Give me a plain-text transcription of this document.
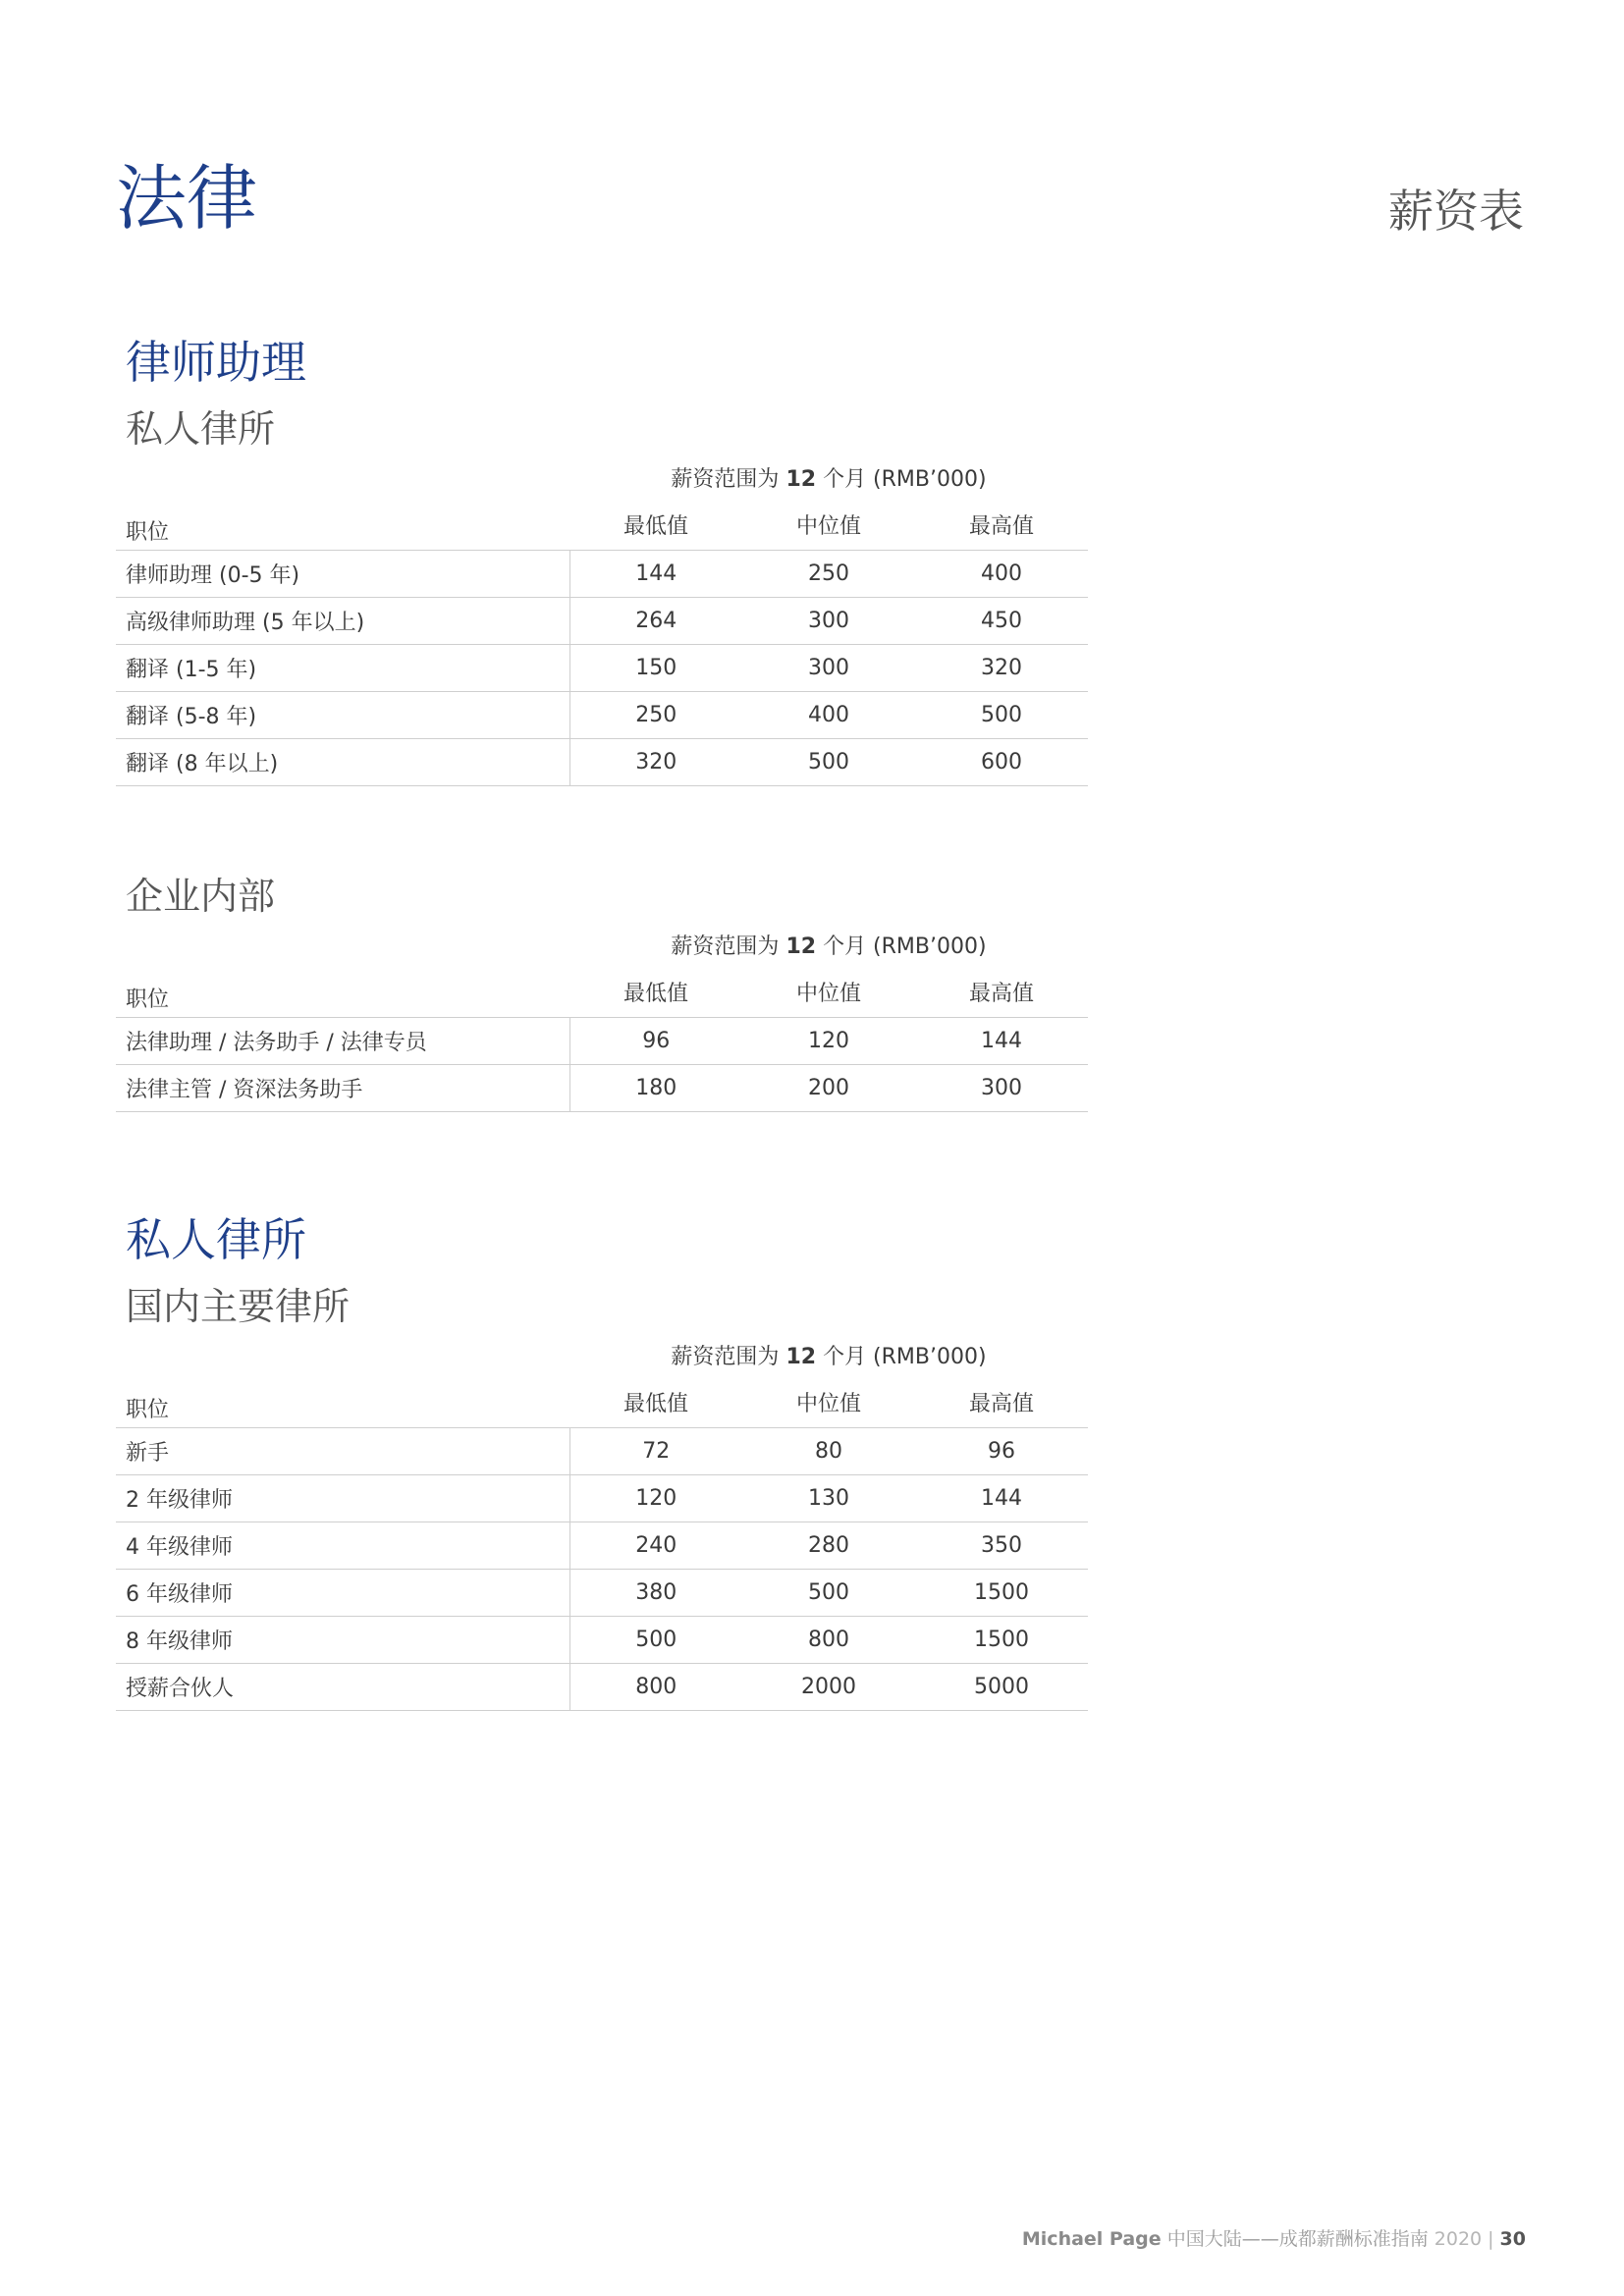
法律	薪资表
律师助理
私人律所
	薪资范围为 12 个月 (RMB’000)		
职位	最低值	中位值	最高值
律师助理 (0-5 年)	144	250	400
高级律师助理 (5 年以上)	264	300	450
翻译 (1-5 年)	150	300	320
翻译 (5-8 年)	250	400	500
翻译 (8 年以上)	320	500	600
企业内部
	薪资范围为 12 个月 (RMB’000)		
职位	最低值	中位值	最高值
法律助理 / 法务助手 / 法律专员	96	120	144
法律主管 / 资深法务助手	180	200	300
私人律所
国内主要律所
	薪资范围为 12 个月 (RMB’000)		
职位	最低值	中位值	最高值
新手	72	80	96
2 年级律师	120	130	144
4 年级律师	240	280	350
6 年级律师	380	500	1500
8 年级律师	500	800	1500
授薪合伙人	800	2000	5000
Michael Page 中国大陆——成都薪酬标准指南 2020 | 30
